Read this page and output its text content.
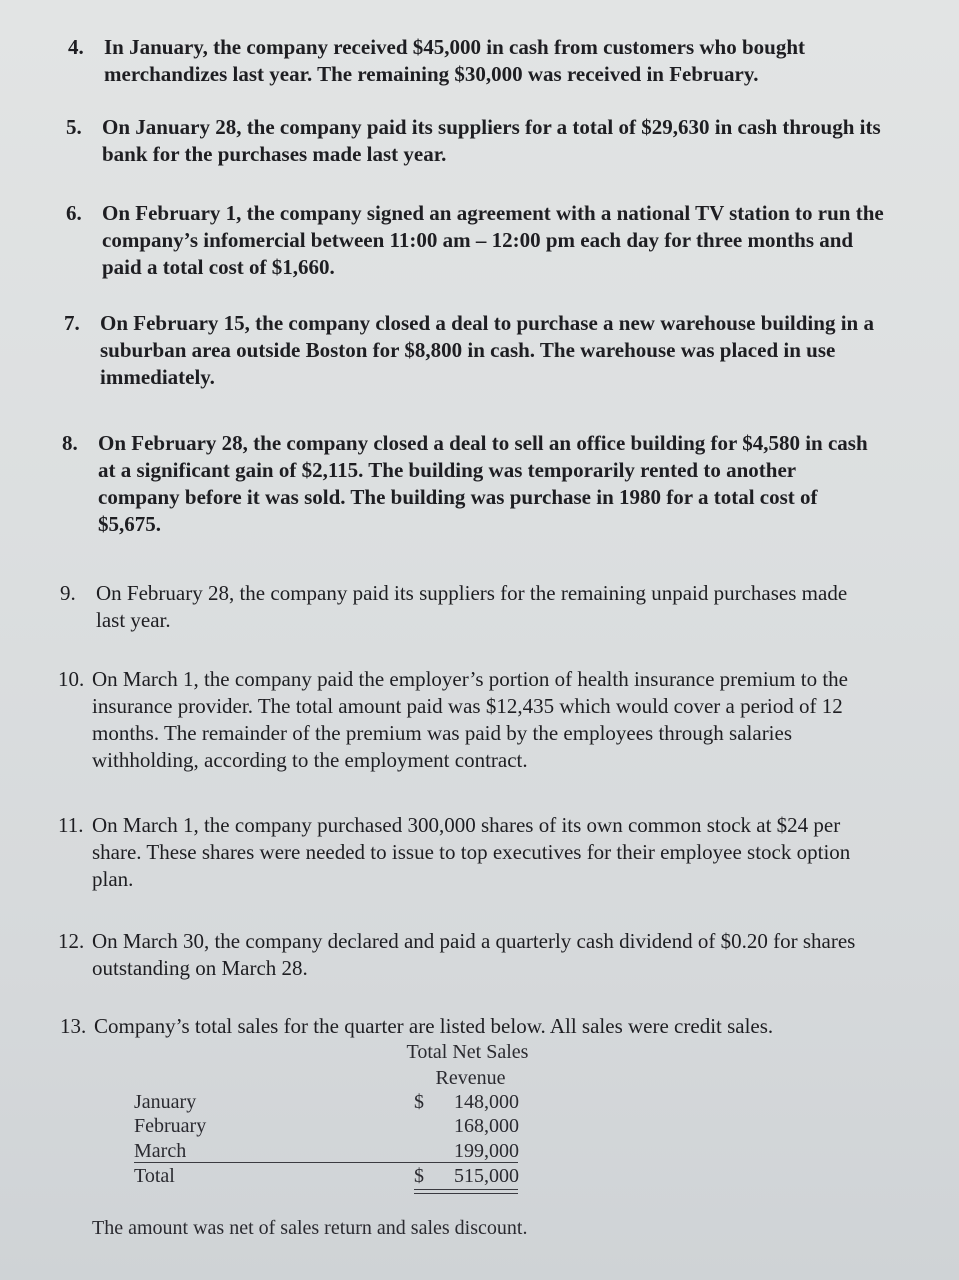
4. In January, the company received $45,000 in cash from customers who bought merchandizes last year. The remaining $30,000 was received in February.
5. On January 28, the company paid its suppliers for a total of $29,630 in cash through its bank for the purchases made last year.
6. On February 1, the company signed an agreement with a national TV station to run the company’s infomercial between 11:00 am – 12:00 pm each day for three months and paid a total cost of $1,660.
7. On February 15, the company closed a deal to purchase a new warehouse building in a suburban area outside Boston for $8,800 in cash. The warehouse was placed in use immediately.
8. On February 28, the company closed a deal to sell an office building for $4,580 in cash at a significant gain of $2,115. The building was temporarily rented to another company before it was sold. The building was purchase in 1980 for a total cost of $5,675.
9. On February 28, the company paid its suppliers for the remaining unpaid purchases made last year.
10. On March 1, the company paid the employer’s portion of health insurance premium to the insurance provider. The total amount paid was $12,435 which would cover a period of 12 months. The remainder of the premium was paid by the employees through salaries withholding, according to the employment contract.
11. On March 1, the company purchased 300,000 shares of its own common stock at $24 per share. These shares were needed to issue to top executives for their employee stock option plan.
12. On March 30, the company declared and paid a quarterly cash dividend of $0.20 for shares outstanding on March 28.
13. Company’s total sales for the quarter are listed below. All sales were credit sales.
Total Net Sales
Revenue
January	$ 148,000
February	168,000
March	199,000
Total	$ 515,000
The amount was net of sales return and sales discount.
